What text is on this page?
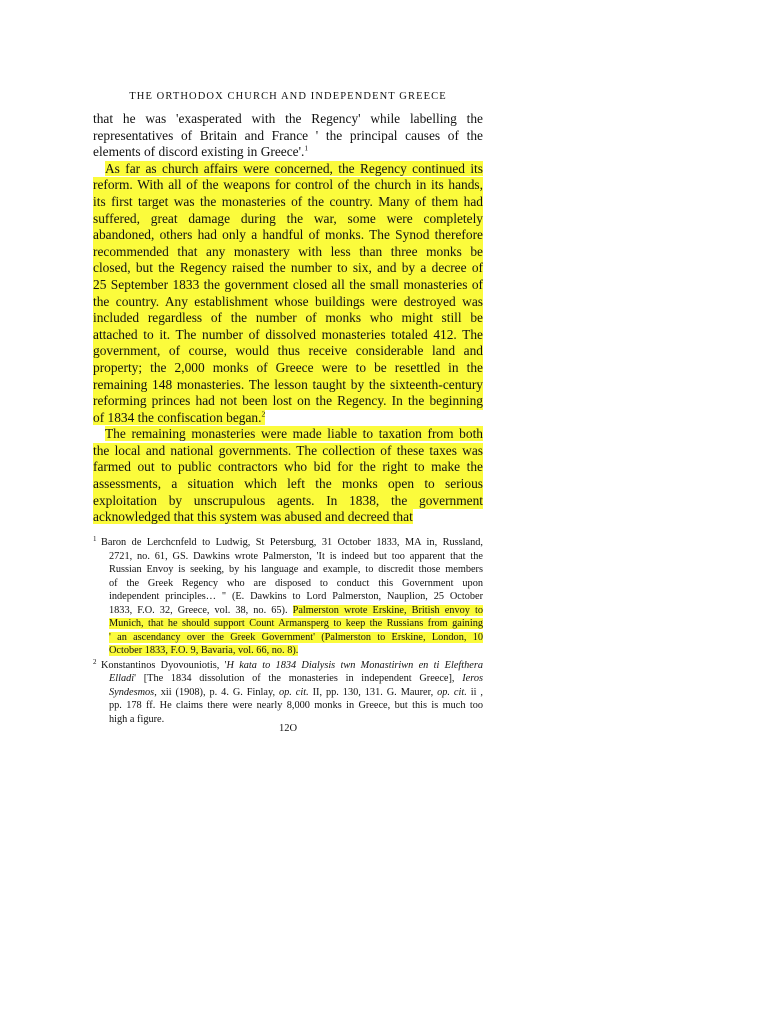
THE ORTHODOX CHURCH AND INDEPENDENT GREECE
that he was 'exasperated with the Regency' while labelling the
representatives of Britain and France ' the principal causes of the
elements of discord existing in Greece'.$^1$
As far as church affairs were concerned, the Regency continued its
reform. With all of the weapons for control of the church in its hands,
its first target was the monasteries of the country. Many of them had
suffered, great damage during the war, some were completely
abandoned, others had only a handful of monks. The Synod therefore
recommended that any monastery with less than three monks be
closed, but the Regency raised the number to six, and by a decree of
25 September 1833 the government closed all the small monasteries of
the country. Any establishment whose buildings were destroyed was
included regardless of the number of monks who might still be
attached to it. The number of dissolved monasteries totaled 412. The
government, of course, would thus receive considerable land and
property; the 2,000 monks of Greece were to be resettled in the
remaining 148 monasteries. The lesson taught by the sixteenth-century
reforming princes had not been lost on the Regency. In the beginning
of 1834 the confiscation began.$^2$
The remaining monasteries were made liable to taxation from both
the local and national governments. The collection of these taxes was
farmed out to public contractors who bid for the right to make the
assessments, a situation which left the monks open to serious
exploitation by unscrupulous agents. In 1838, the government
acknowledged that this system was abused and decreed that
1 Baron de Lerchcnfeld to Ludwig, St Petersburg, 31 October 1833, MA in, Russland,
2721, no. 61, GS. Dawkins wrote Palmerston, 'It is indeed but too apparent that the
Russian Envoy is seeking, by his language and example, to discredit those members
of the Greek Regency who are disposed to conduct this Government upon
independent principles… " (E. Dawkins to Lord Palmerston, Nauplion, 25 October
1833, F.O. 32, Greece, vol. 38, no. 65). Palmerston wrote Erskine, British envoy to
Munich, that he should support Count Armansperg to keep the Russians from gaining
' an ascendancy over the Greek Government' (Palmerston to Erskine, London, 10
October 1833, F.O. 9, Bavaria, vol. 66, no. 8).
2 Konstantinos Dyovouniotis, 'H kata to 1834 Dialysis twn Monastiriwn en ti Elefthera
Elladi' [The 1834 dissolution of the monasteries in independent Greece], Ieros
Syndesmos, xii (1908), p. 4. G. Finlay, op. cit. II, pp. 130, 131. G. Maurer, op. cit. ii ,
pp. 178 ff. He claims there were nearly 8,000 monks in Greece, but this is much too
high a figure.
12O
